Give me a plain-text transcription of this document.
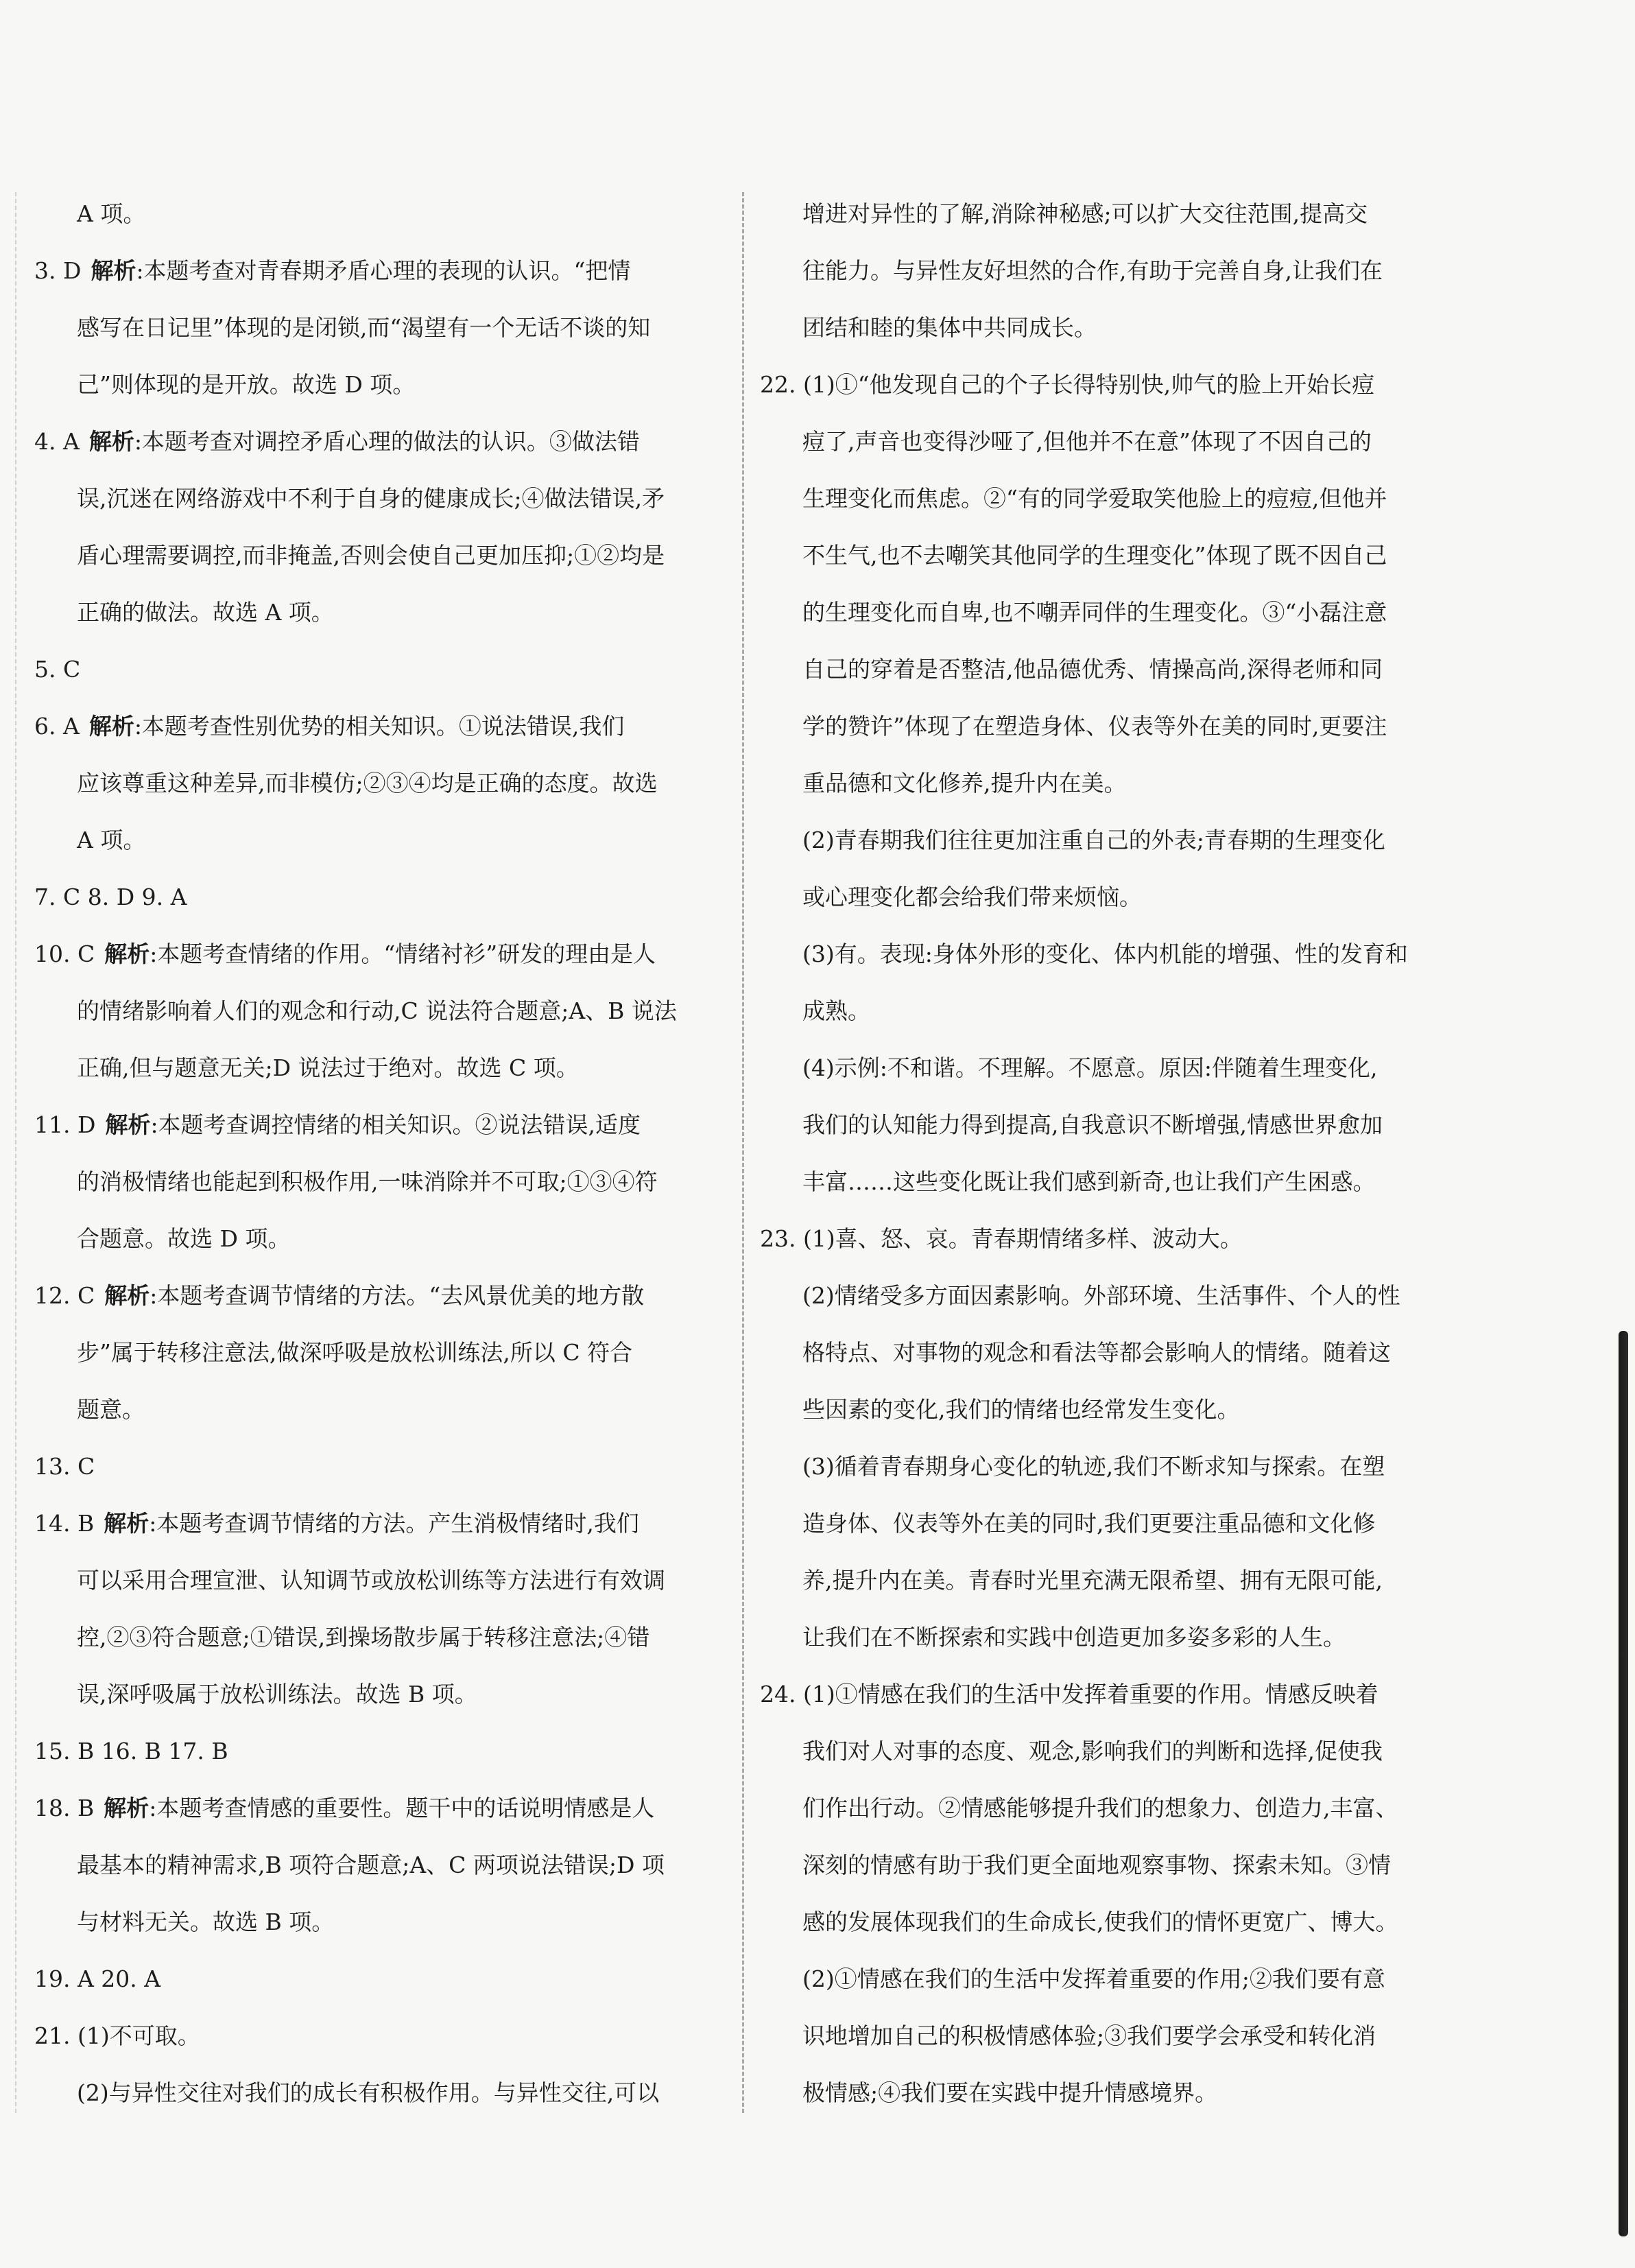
A 项。
3. D 解析:本题考查对青春期矛盾心理的表现的认识。“把情
感写在日记里”体现的是闭锁,而“渴望有一个无话不谈的知
己”则体现的是开放。故选 D 项。
4. A 解析:本题考查对调控矛盾心理的做法的认识。③做法错
误,沉迷在网络游戏中不利于自身的健康成长;④做法错误,矛
盾心理需要调控,而非掩盖,否则会使自己更加压抑;①②均是
正确的做法。故选 A 项。
5. C
6. A 解析:本题考查性别优势的相关知识。①说法错误,我们
应该尊重这种差异,而非模仿;②③④均是正确的态度。故选
A 项。
7. C 8. D 9. A
10. C 解析:本题考查情绪的作用。“情绪衬衫”研发的理由是人
的情绪影响着人们的观念和行动,C 说法符合题意;A、B 说法
正确,但与题意无关;D 说法过于绝对。故选 C 项。
11. D 解析:本题考查调控情绪的相关知识。②说法错误,适度
的消极情绪也能起到积极作用,一味消除并不可取;①③④符
合题意。故选 D 项。
12. C 解析:本题考查调节情绪的方法。“去风景优美的地方散
步”属于转移注意法,做深呼吸是放松训练法,所以 C 符合
题意。
13. C
14. B 解析:本题考查调节情绪的方法。产生消极情绪时,我们
可以采用合理宣泄、认知调节或放松训练等方法进行有效调
控,②③符合题意;①错误,到操场散步属于转移注意法;④错
误,深呼吸属于放松训练法。故选 B 项。
15. B 16. B 17. B
18. B 解析:本题考查情感的重要性。题干中的话说明情感是人
最基本的精神需求,B 项符合题意;A、C 两项说法错误;D 项
与材料无关。故选 B 项。
19. A 20. A
21. (1)不可取。
(2)与异性交往对我们的成长有积极作用。与异性交往,可以
增进对异性的了解,消除神秘感;可以扩大交往范围,提高交
往能力。与异性友好坦然的合作,有助于完善自身,让我们在
团结和睦的集体中共同成长。
22. (1)①“他发现自己的个子长得特别快,帅气的脸上开始长痘
痘了,声音也变得沙哑了,但他并不在意”体现了不因自己的
生理变化而焦虑。②“有的同学爱取笑他脸上的痘痘,但他并
不生气,也不去嘲笑其他同学的生理变化”体现了既不因自己
的生理变化而自卑,也不嘲弄同伴的生理变化。③“小磊注意
自己的穿着是否整洁,他品德优秀、情操高尚,深得老师和同
学的赞许”体现了在塑造身体、仪表等外在美的同时,更要注
重品德和文化修养,提升内在美。
(2)青春期我们往往更加注重自己的外表;青春期的生理变化
或心理变化都会给我们带来烦恼。
(3)有。表现:身体外形的变化、体内机能的增强、性的发育和
成熟。
(4)示例:不和谐。不理解。不愿意。原因:伴随着生理变化,
我们的认知能力得到提高,自我意识不断增强,情感世界愈加
丰富……这些变化既让我们感到新奇,也让我们产生困惑。
23. (1)喜、怒、哀。青春期情绪多样、波动大。
(2)情绪受多方面因素影响。外部环境、生活事件、个人的性
格特点、对事物的观念和看法等都会影响人的情绪。随着这
些因素的变化,我们的情绪也经常发生变化。
(3)循着青春期身心变化的轨迹,我们不断求知与探索。在塑
造身体、仪表等外在美的同时,我们更要注重品德和文化修
养,提升内在美。青春时光里充满无限希望、拥有无限可能,
让我们在不断探索和实践中创造更加多姿多彩的人生。
24. (1)①情感在我们的生活中发挥着重要的作用。情感反映着
我们对人对事的态度、观念,影响我们的判断和选择,促使我
们作出行动。②情感能够提升我们的想象力、创造力,丰富、
深刻的情感有助于我们更全面地观察事物、探索未知。③情
感的发展体现我们的生命成长,使我们的情怀更宽广、博大。
(2)①情感在我们的生活中发挥着重要的作用;②我们要有意
识地增加自己的积极情感体验;③我们要学会承受和转化消
极情感;④我们要在实践中提升情感境界。
